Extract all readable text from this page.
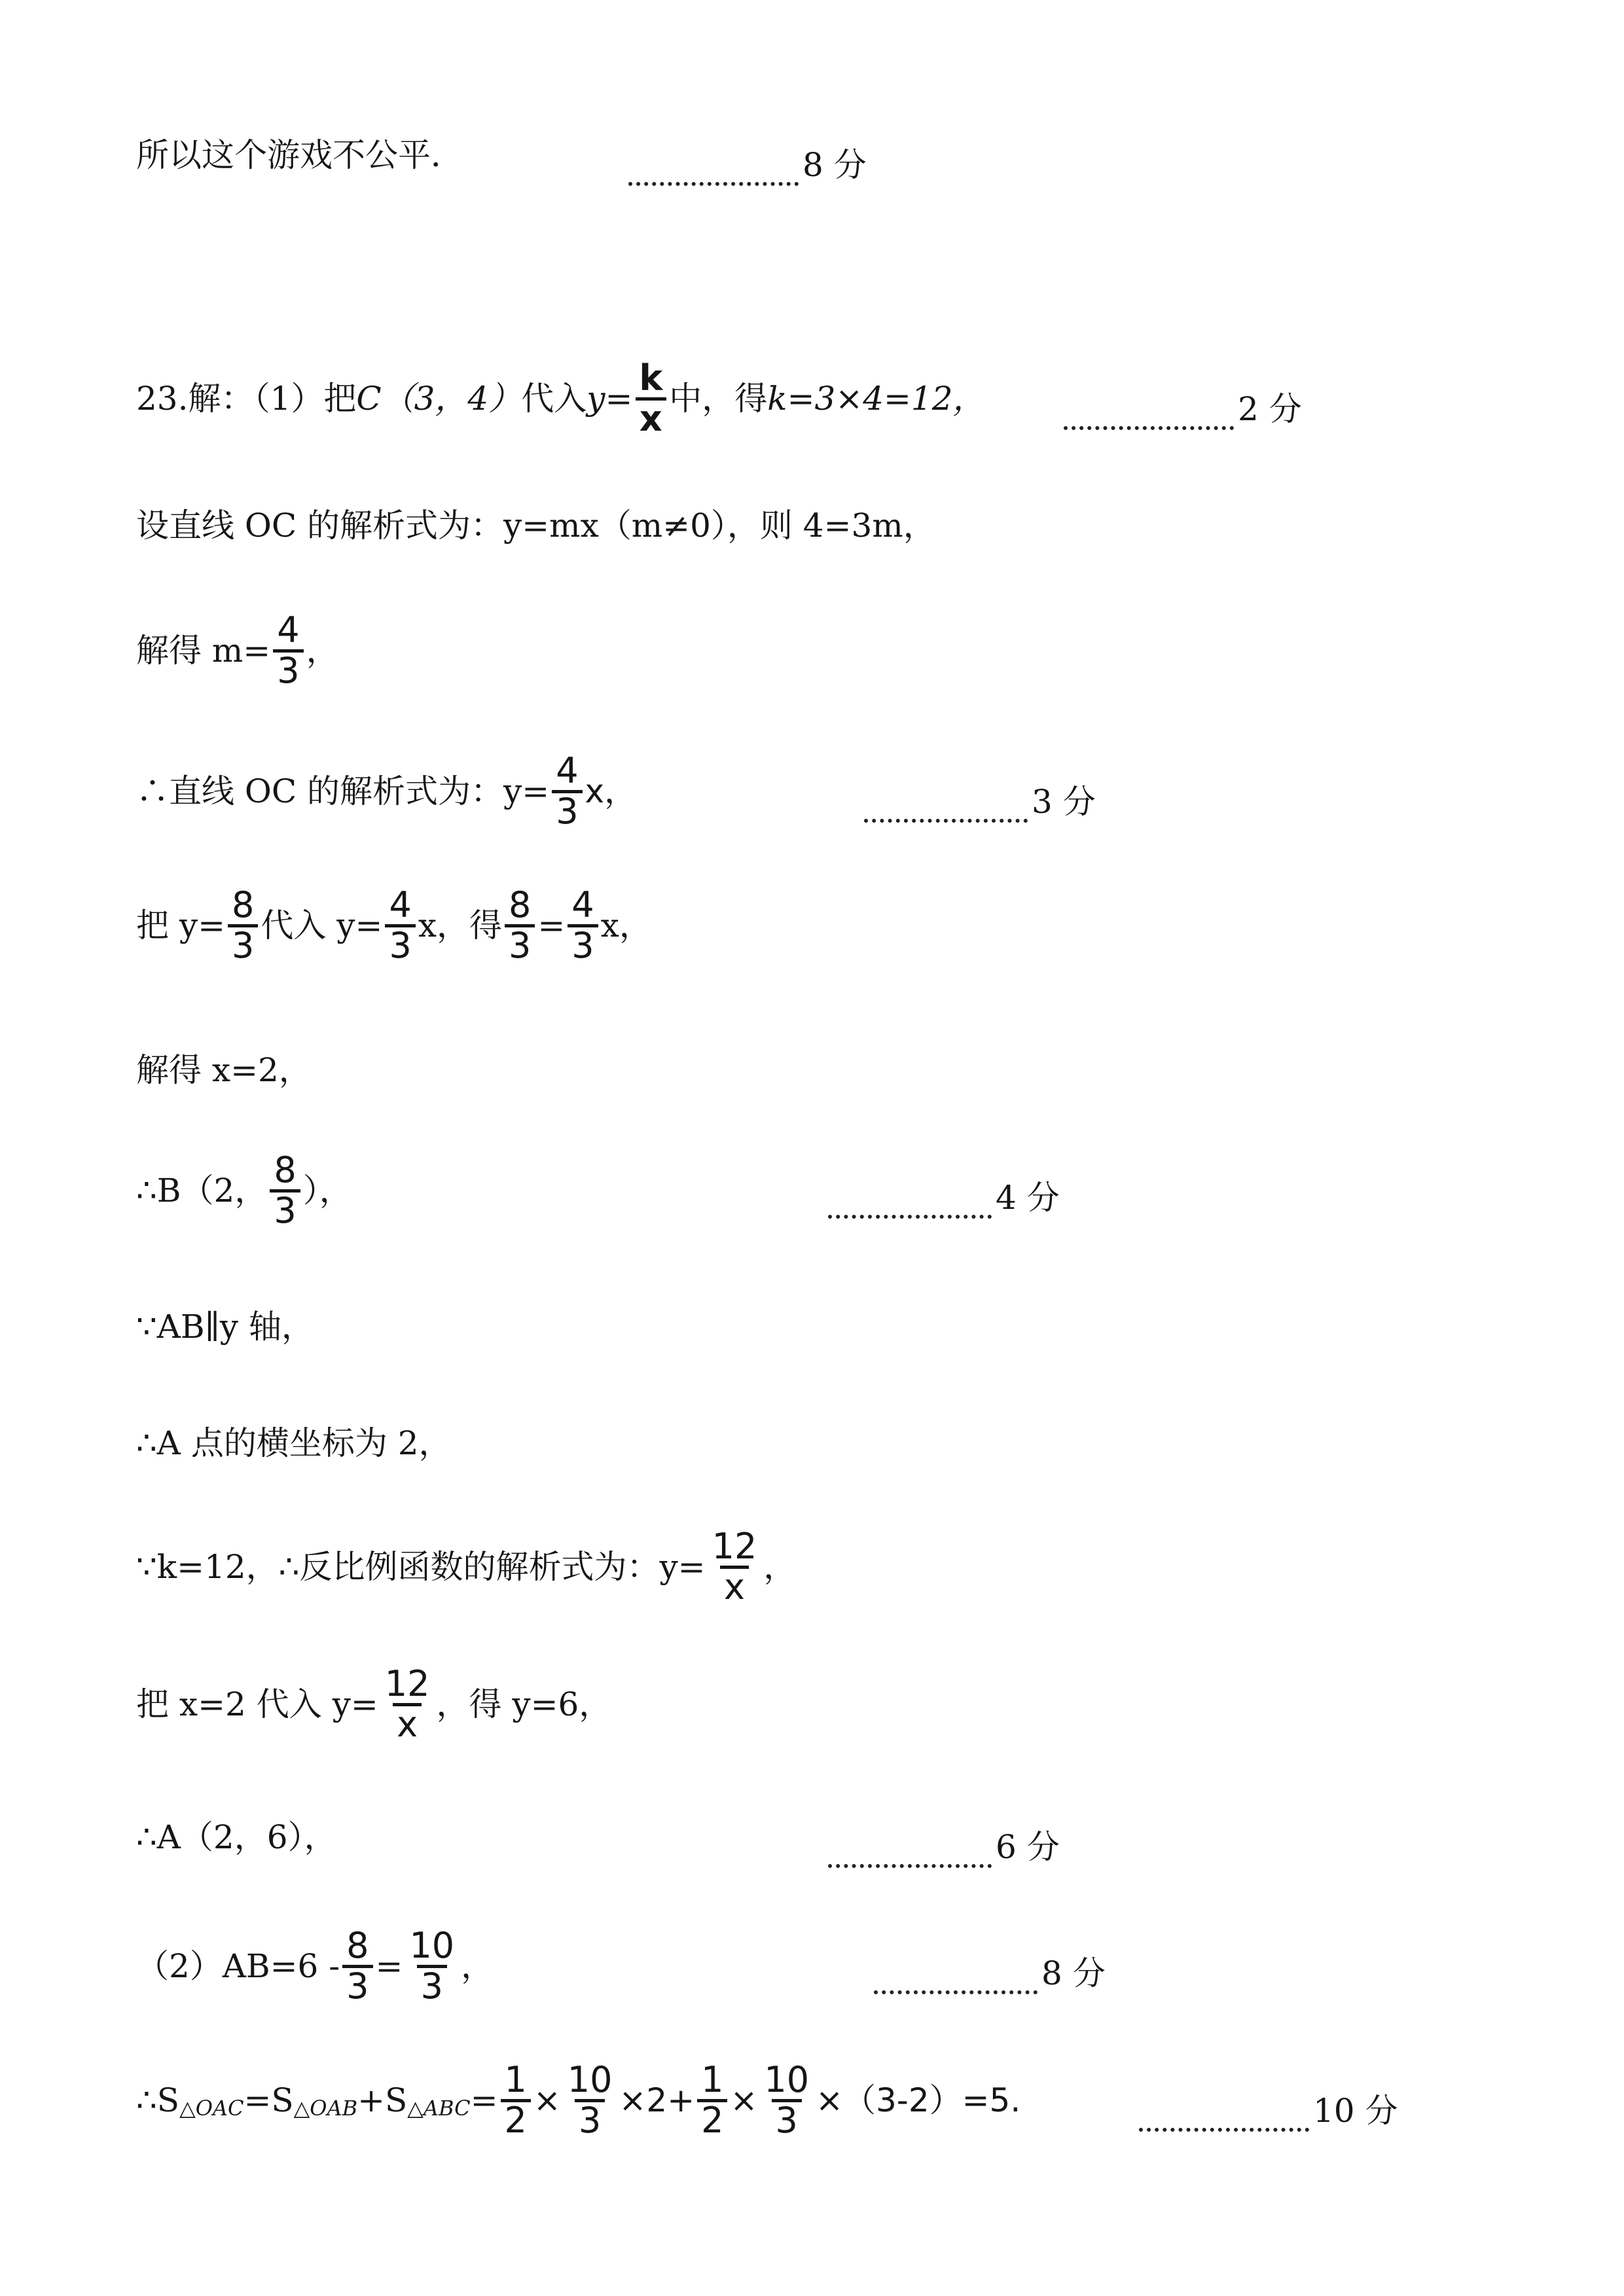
所以这个游戏不公平．	8 分
23.解：（1）把 C（3，4） 代入 $y= \frac{k}{x}$ 中，得 k=3×4=12，	2 分
设直线 OC 的解析式为：y=mx（m≠0），则 4=3m，
解得 $m= \frac{4}{3}$ ，
∴直线 OC 的解析式为：$y= \frac{4}{3}$ x，	3 分
把 $y= \frac{8}{3}$ 代入 $y= \frac{4}{3}$ x，得 $\frac{8}{3} = \frac{4}{3}$ x，
解得 x=2，
∴B（2， $\frac{8}{3}$ ），	4 分
∵AB∥y 轴，
∴A 点的横坐标为 2，
∵k=12，∴反比例函数的解析式为：$y= \frac{12}{x}$ ，
把 x=2 代入 $y= \frac{12}{x}$ ，得 y=6，
∴A（2，6），	6 分
$(2)AB=6 - \frac{8}{3} = \frac{10}{3}$ ，	8 分
∴S △OAC =S △OAB +S △ABC = $\frac{1}{2} \times \frac{10}{3} \times 2+ \frac{1}{2} \times \frac{10}{3} \times(3-2)=5$.	10 分
